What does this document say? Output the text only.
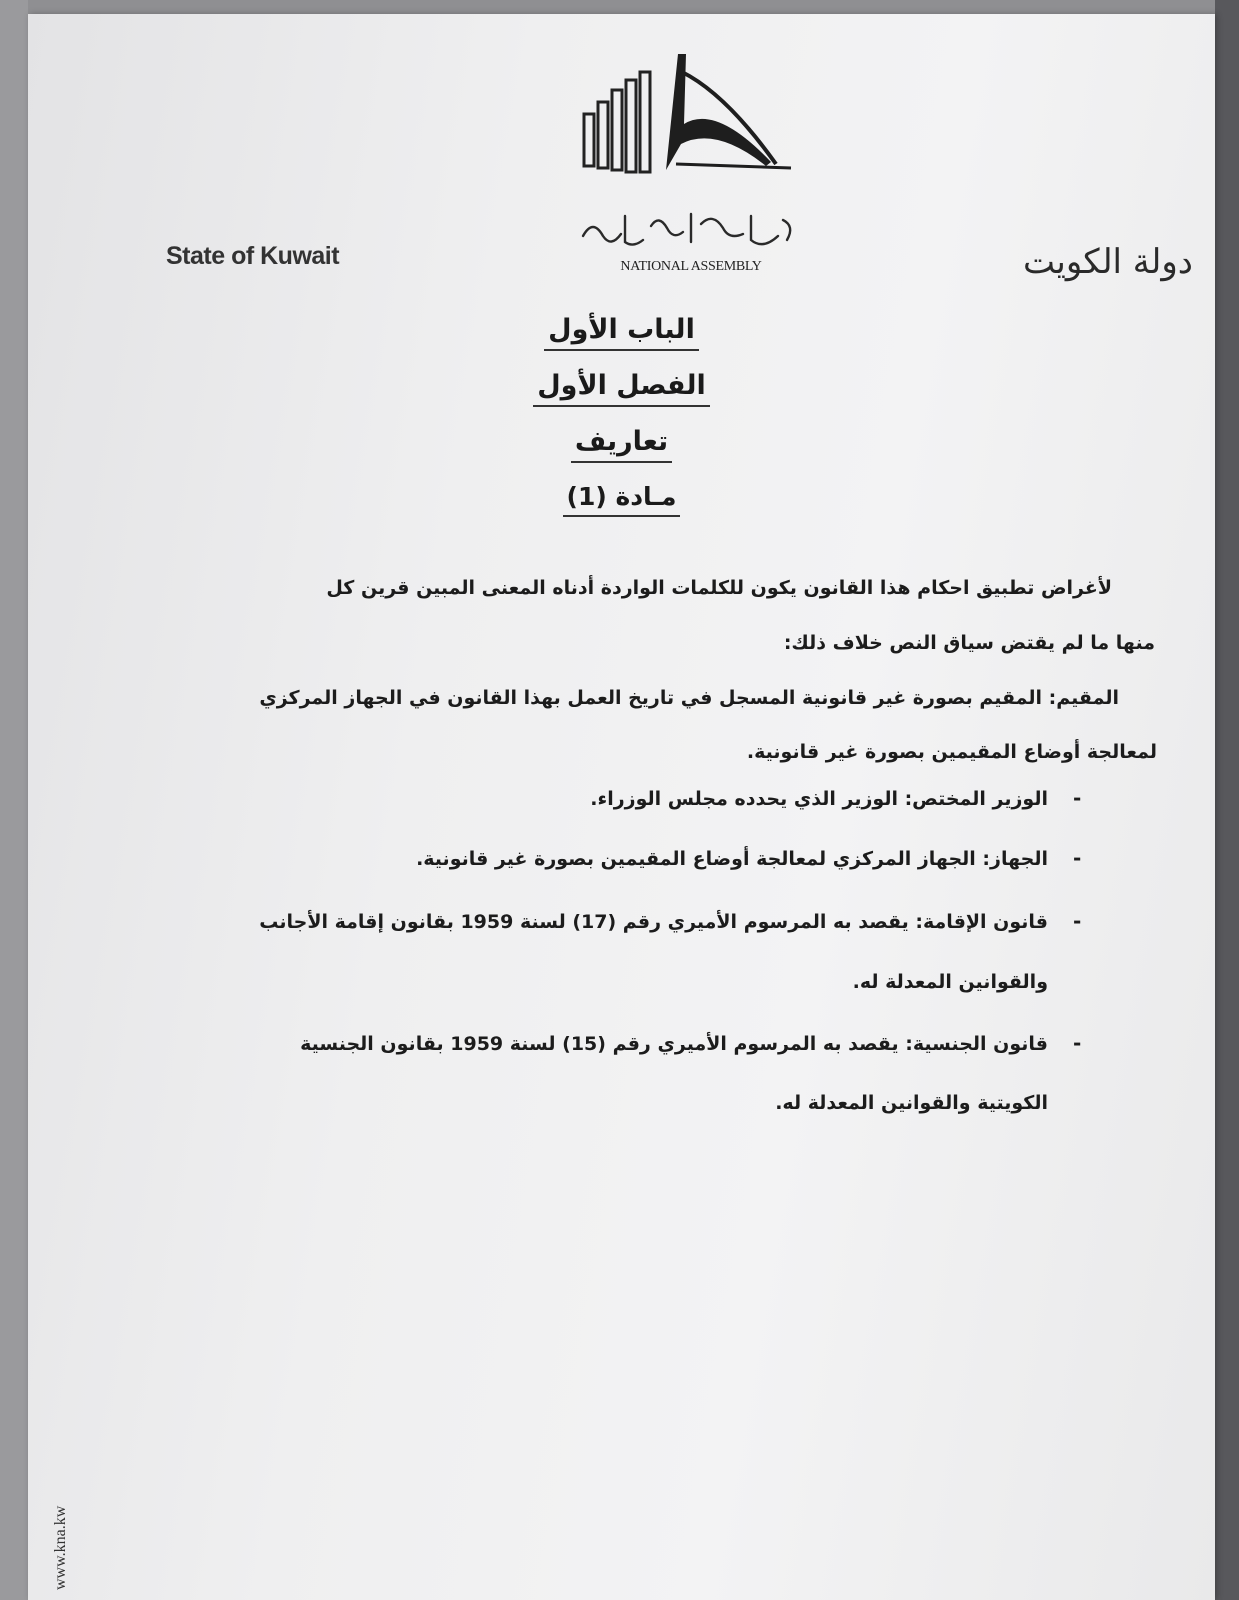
مجلس الأمة
NATIONAL ASSEMBLY
State of Kuwait	دولة الكويت
الباب الأول
الفصل الأول
تعاريف
مـادة (1)
لأغراض تطبيق احكام هذا القانون يكون للكلمات الواردة أدناه المعنى المبين قرين كل
منها ما لم يقتض سياق النص خلاف ذلك:
المقيم: المقيم بصورة غير قانونية المسجل في تاريخ العمل بهذا القانون في الجهاز المركزي
لمعالجة أوضاع المقيمين بصورة غير قانونية.
-
الوزير المختص: الوزير الذي يحدده مجلس الوزراء.
-
الجهاز: الجهاز المركزي لمعالجة أوضاع المقيمين بصورة غير قانونية.
-
قانون الإقامة: يقصد به المرسوم الأميري رقم (17) لسنة 1959 بقانون إقامة الأجانب
والقوانين المعدلة له.
-
قانون الجنسية: يقصد به المرسوم الأميري رقم (15) لسنة 1959 بقانون الجنسية
الكويتية والقوانين المعدلة له.
www.kna.kw
